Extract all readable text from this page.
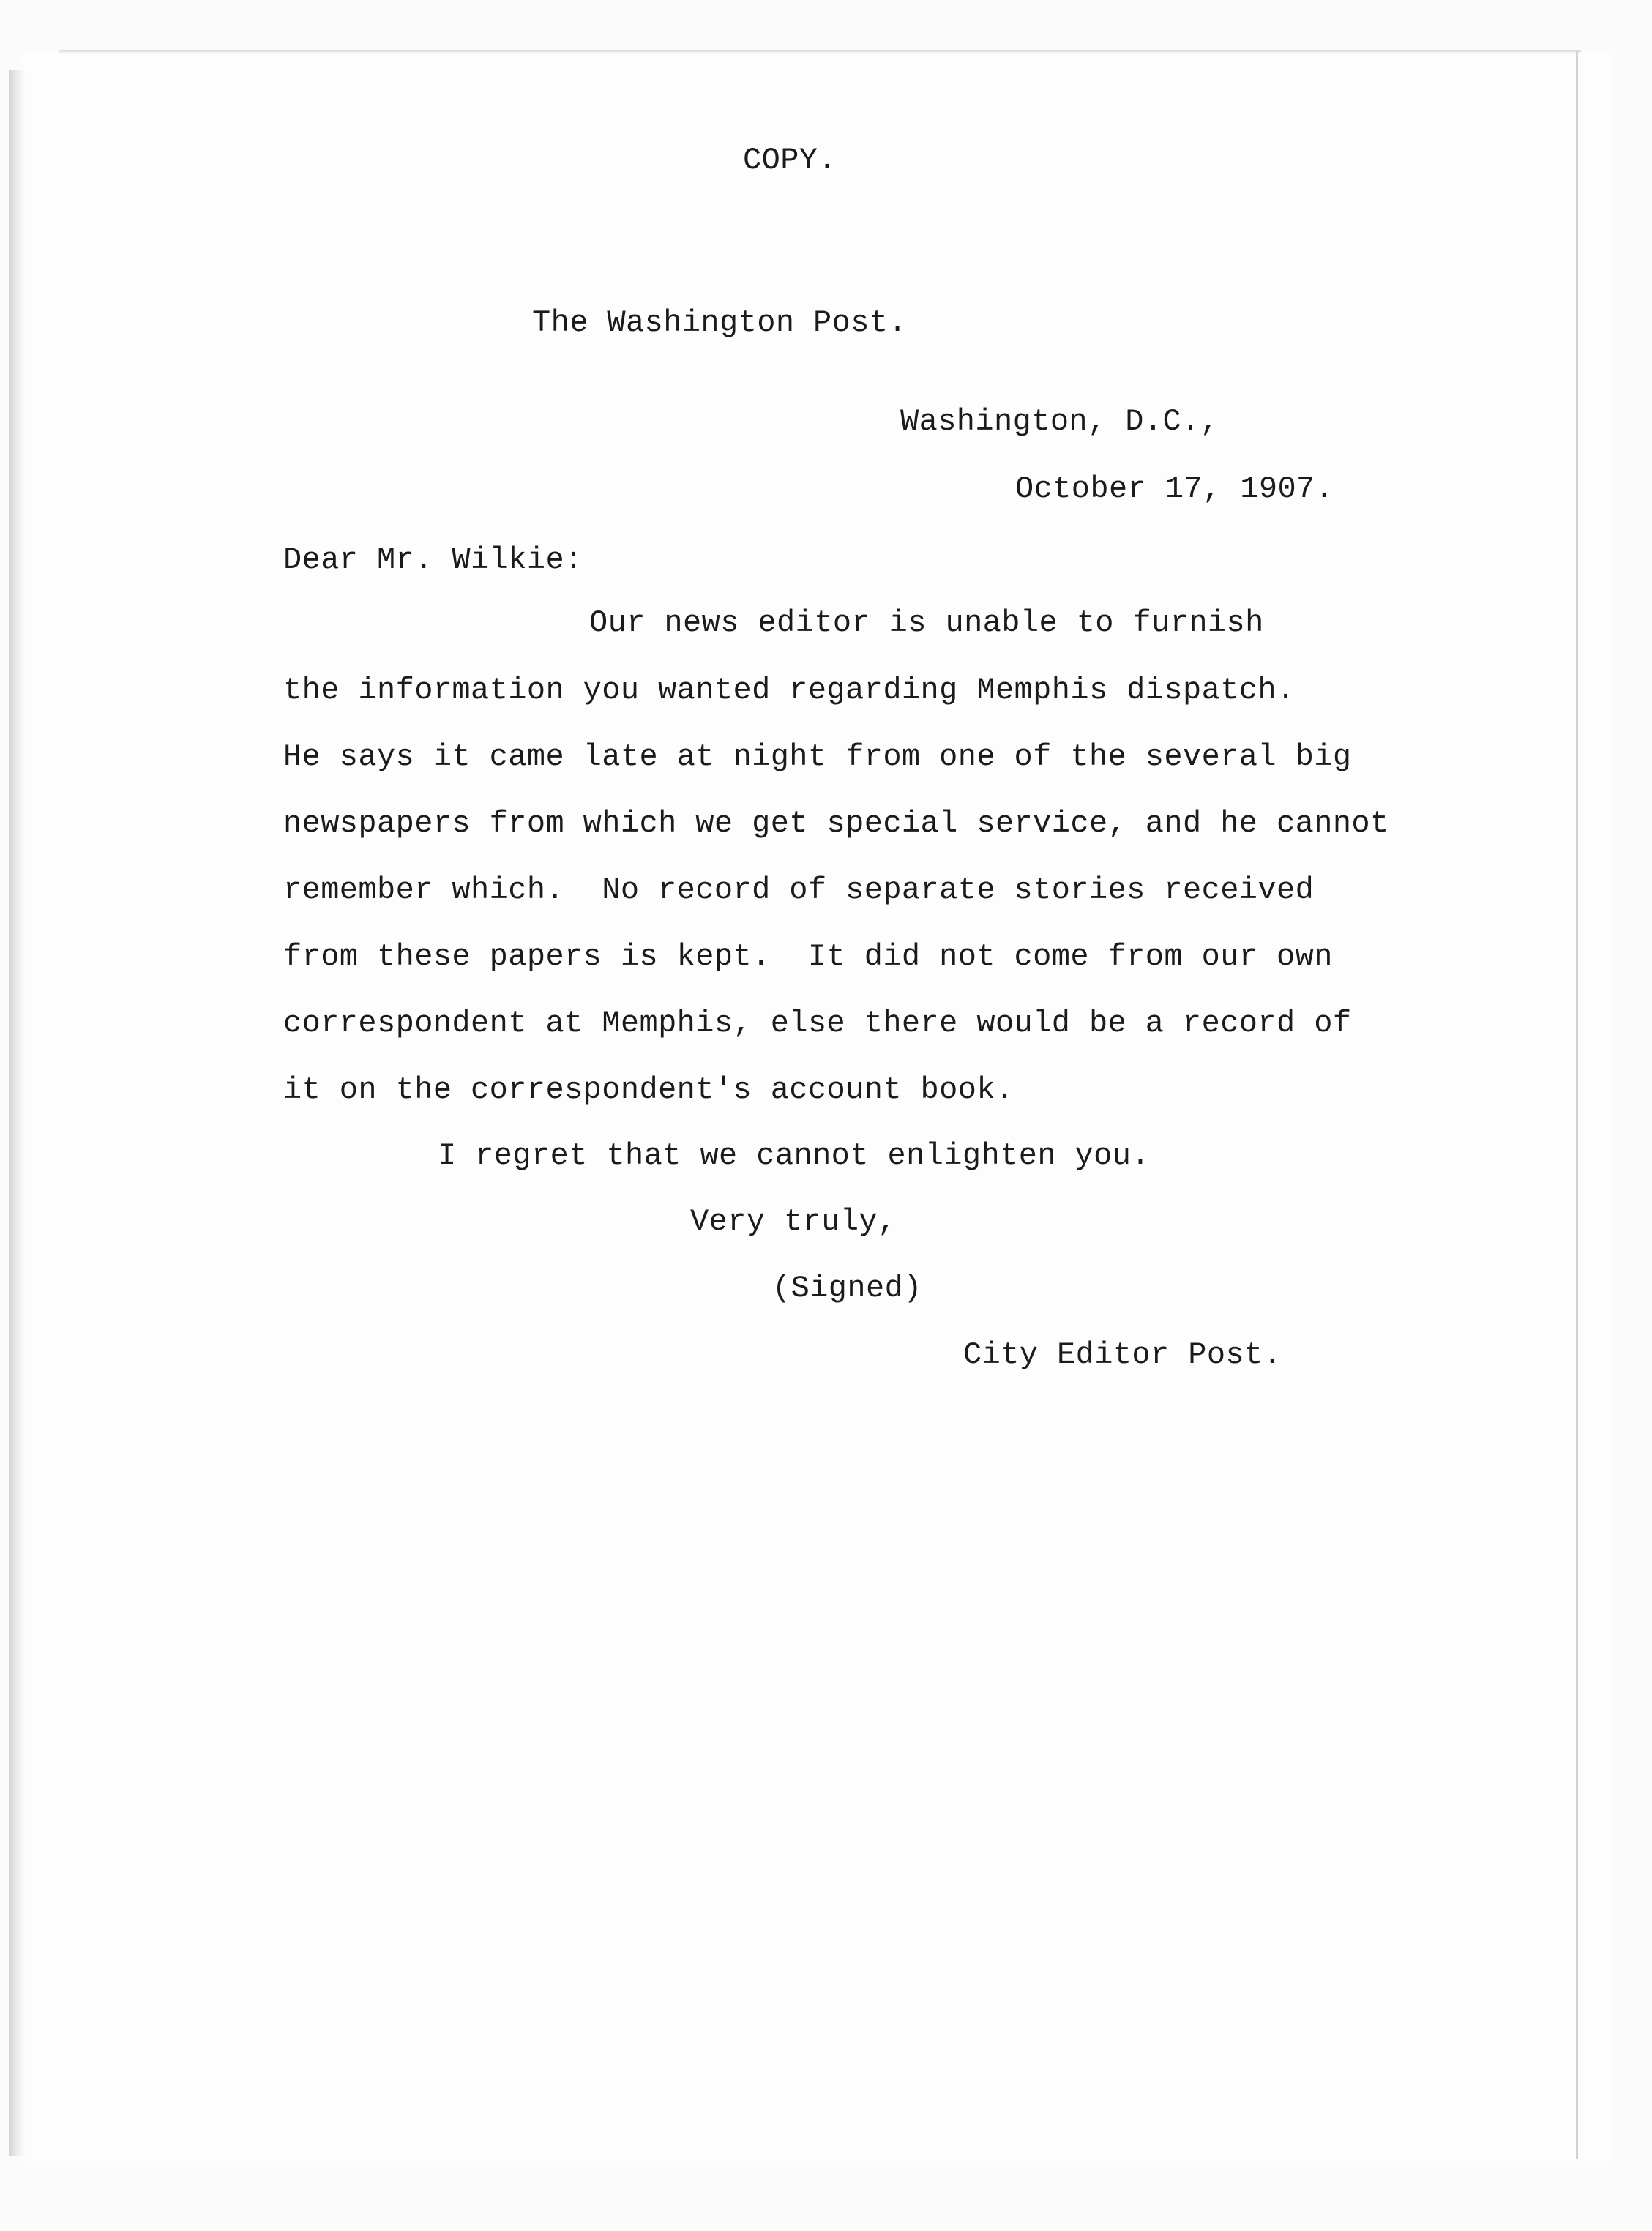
COPY.
The Washington Post.
Washington, D.C.,
October 17, 1907.
Dear Mr. Wilkie:
Our news editor is unable to furnish
the information you wanted regarding Memphis dispatch.
He says it came late at night from one of the several big
newspapers from which we get special service, and he cannot
remember which.  No record of separate stories received
from these papers is kept.  It did not come from our own
correspondent at Memphis, else there would be a record of
it on the correspondent's account book.
I regret that we cannot enlighten you.
Very truly,
(Signed)
City Editor Post.
